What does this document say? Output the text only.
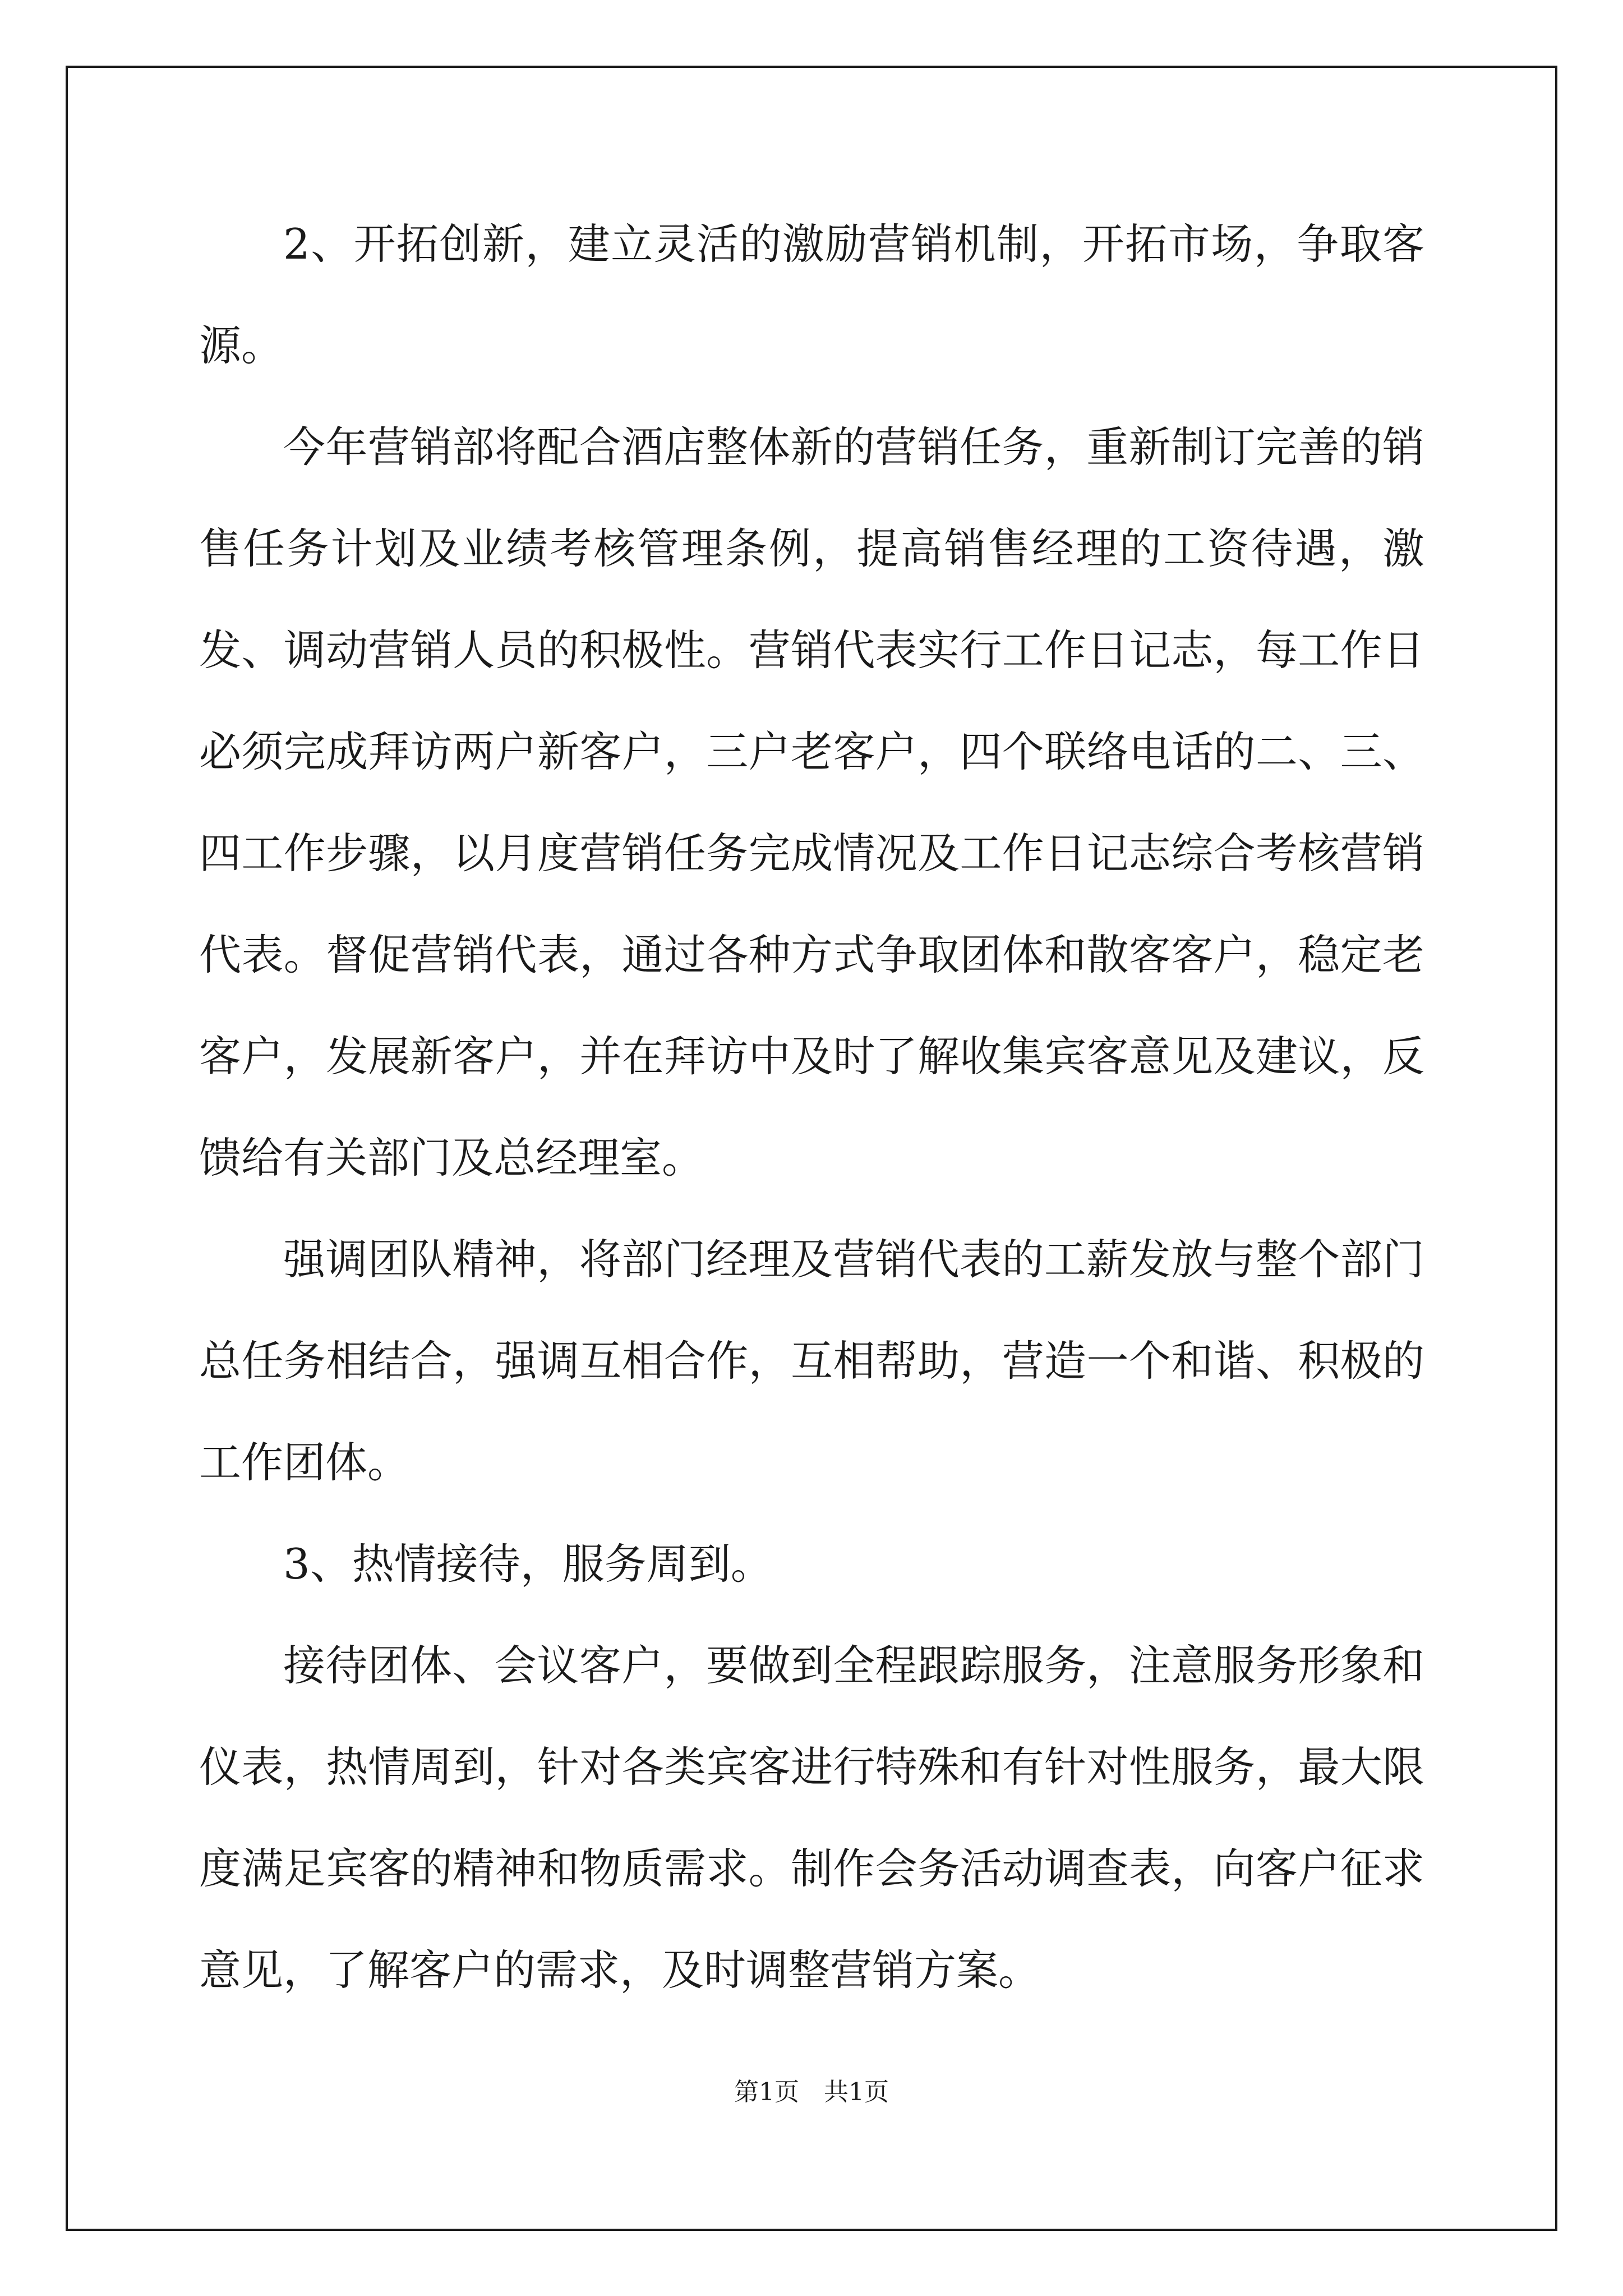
2、开拓创新，建立灵活的激励营销机制，开拓市场，争取客源。

今年营销部将配合酒店整体新的营销任务，重新制订完善的销售任务计划及业绩考核管理条例，提高销售经理的工资待遇，激发、调动营销人员的积极性。营销代表实行工作日记志，每工作日必须完成拜访两户新客户，三户老客户，四个联络电话的二、三、四工作步骤，以月度营销任务完成情况及工作日记志综合考核营销代表。督促营销代表，通过各种方式争取团体和散客客户，稳定老客户，发展新客户，并在拜访中及时了解收集宾客意见及建议，反馈给有关部门及总经理室。

强调团队精神，将部门经理及营销代表的工薪发放与整个部门总任务相结合，强调互相合作，互相帮助，营造一个和谐、积极的工作团体。

3、热情接待，服务周到。

接待团体、会议客户，要做到全程跟踪服务，注意服务形象和仪表，热情周到，针对各类宾客进行特殊和有针对性服务，最大限度满足宾客的精神和物质需求。制作会务活动调查表，向客户征求意见，了解客户的需求，及时调整营销方案。

第1页　共1页
